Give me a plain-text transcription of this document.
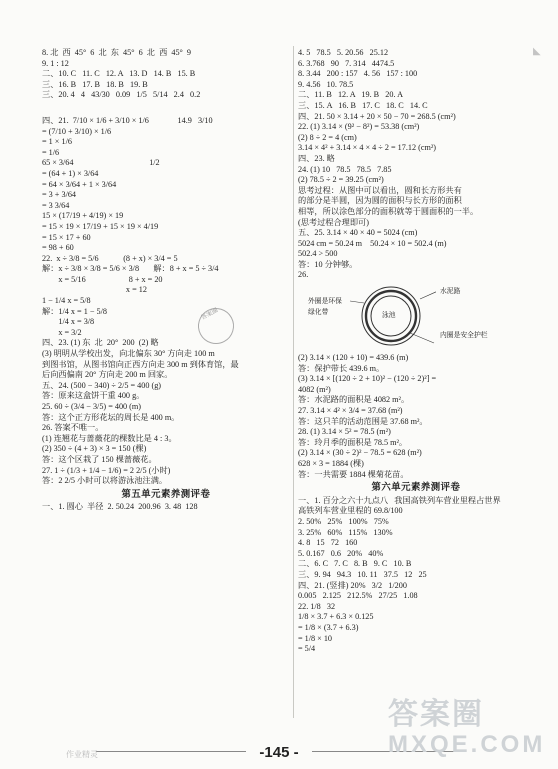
◣
8. 北  西  45°  6  北  东  45°  6  北  西  45°  9
9. 1 : 12
二、10. C   11. C   12. A   13. D   14. B   15. B
三、16. B   17. B   18. B   19. B
三、20. 4   4   43/30   0.09   1/5   5/14   2.4   0.2
四、21.  7/10 × 1/6 + 3/10 × 1/6              14.9   3/10
= (7/10 + 3/10) × 1/6
= 1 × 1/6
= 1/6
65 × 3/64                                     1/2
= (64 + 1) × 3/64
= 64 × 3/64 + 1 × 3/64
= 3 + 3/64
= 3 3/64
15 × (17/19 + 4/19) × 19
= 15 × 19 × 17/19 + 15 × 19 × 4/19
= 15 × 17 + 60
= 98 + 60
22.  x ÷ 3/8 = 5/6            (8 + x) × 3/4 = 5
解：x ÷ 3/8 × 3/8 = 5/6 × 3/8       解：8 + x = 5 ÷ 3/4
x = 5/16                     8 + x = 20
x = 12
1 − 1/4 x = 5/8
解：1/4 x = 1 − 5/8
1/4 x = 3/8
x = 3/2
四、23. (1) 东  北  20°  200  (2) 略
(3) 明明从学校出发，向北偏东 30° 方向走 100 m
到图书馆，从图书馆向正西方向走 300 m 到体育馆，最
后向西偏南 20° 方向走 200 m 回家。
五、24. (500 − 340) ÷ 2/5 = 400 (g)
答：原来这盒饼干重 400 g。
25. 60 ÷ (3/4 − 3/5) = 400 (m)
答：这个正方形花坛的周长是 400 m。
26. 答案不唯一。
(1) 连翘花与蔷薇花的棵数比是 4 : 3。
(2) 350 ÷ (4 + 3) × 3 = 150 (棵)
答：这个区栽了 150 棵蔷薇花。
27. 1 ÷ (1/3 + 1/4 − 1/6) = 2 2/5 (小时)
答：2 2/5 小时可以将游泳池注满。
第五单元素养测评卷
一、1. 圆心  半径  2. 50.24  200.96  3. 48  128
答案圈
4. 5   78.5   5. 20.56   25.12
6. 3.768   90   7. 314   4474.5
8. 3.44   200 : 157   4. 56   157 : 100
9. 4.56   10. 78.5
二、11. B   12. A   19. B   20. A
三、15. A   16. B   17. C   18. C   14. C
四、21. 50 × 3.14 + 20 × 50 − 70 = 268.5 (cm²)
22. (1) 3.14 × (9² − 8²) = 53.38 (cm²)
(2) 8 ÷ 2 = 4 (cm)
3.14 × 4² + 3.14 × 4 × 4 ÷ 2 = 17.12 (cm²)
四、23. 略
24. (1) 10   78.5   78.5   7.85
(2) 78.5 ÷ 2 = 39.25 (cm²)
思考过程：从图中可以看出，圆和长方形共有
的部分是半圆，因为圆的面积与长方形的面积
相等，所以涂色部分的面积就等于圆面积的一半。
(思考过程合理即可)
五、25. 3.14 × 40 × 40 = 5024 (cm)
5024 cm = 50.24 m    50.24 × 10 = 502.4 (m)
502.4 > 500
答：10 分钟够。
26.
泳池
水泥路
外圈是环保绿化带
内圈是安全护栏
(2) 3.14 × (120 + 10) = 439.6 (m)
答：保护带长 439.6 m。
(3) 3.14 × [(120 ÷ 2 + 10)² − (120 ÷ 2)²] =
4082 (m²)
答：水泥路的面积是 4082 m²。
27. 3.14 × 4² × 3/4 = 37.68 (m²)
答：这只羊的活动范围是 37.68 m²。
28. (1) 3.14 × 5² = 78.5 (m²)
答：玲月季的面积是 78.5 m²。
(2) 3.14 × (30 ÷ 2)² − 78.5 = 628 (m²)
628 × 3 = 1884 (棵)
答：一共需要 1884 棵菊花苗。
第六单元素养测评卷
一、1. 百分之六十九点八   我国高铁列车营业里程占世界
高铁列车营业里程的 69.8/100
2. 50%   25%   100%   75%
3. 25%   60%   115%   130%
4. 8   15   72   160
5. 0.167   0.6   20%   40%
二、6. C   7. C   8. B   9. C   10. B
三、9. 94   94.3   10. 11   37.5   12   25
四、21. (竖排) 20%   3/2   1/200
0.005   2.125   212.5%   27/25   1.08
22. 1/8   32
1/8 × 3.7 + 6.3 × 0.125
= 1/8 × (3.7 + 6.3)
= 1/8 × 10
= 5/4
-145 -
作业精灵
答案圈
MXQE.COM
